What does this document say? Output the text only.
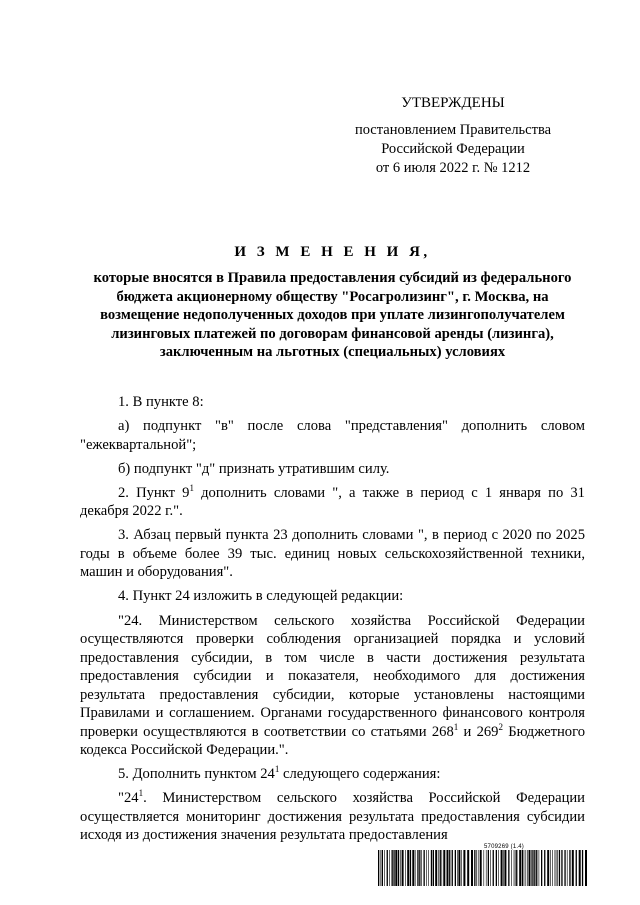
УТВЕРЖДЕНЫ
постановлением Правительства
Российской Федерации
от 6 июля 2022 г. № 1212
И З М Е Н Е Н И Я,
которые вносятся в Правила предоставления субсидий из федерального бюджета акционерному обществу "Росагролизинг", г. Москва, на возмещение недополученных доходов при уплате лизингополучателем лизинговых платежей по договорам финансовой аренды (лизинга), заключенным на льготных (специальных) условиях

1. В пункте 8:

а) подпункт "в" после слова "представления" дополнить словом "ежеквартальной";

б) подпункт "д" признать утратившим силу.

2. Пункт $9^1$ дополнить словами ", а также в период с 1 января по 31 декабря 2022 г.".

3. Абзац первый пункта 23 дополнить словами ", в период с 2020 по 2025 годы в объеме более 39 тыс. единиц новых сельскохозяйственной техники, машин и оборудования".

4. Пункт 24 изложить в следующей редакции:

"24. Министерством сельского хозяйства Российской Федерации осуществляются проверки соблюдения организацией порядка и условий предоставления субсидии, в том числе в части достижения результата предоставления субсидии и показателя, необходимого для достижения результата предоставления субсидии, которые установлены настоящими Правилами и соглашением. Органами государственного финансового контроля проверки осуществляются в соответствии со статьями $268^1$ и $269^2$ Бюджетного кодекса Российской Федерации.".

5. Дополнить пунктом $24^1$ следующего содержания:

"$24^1$. Министерством сельского хозяйства Российской Федерации осуществляется мониторинг достижения результата предоставления субсидии исходя из достижения значения результата предоставления

5709269 (1.4)
